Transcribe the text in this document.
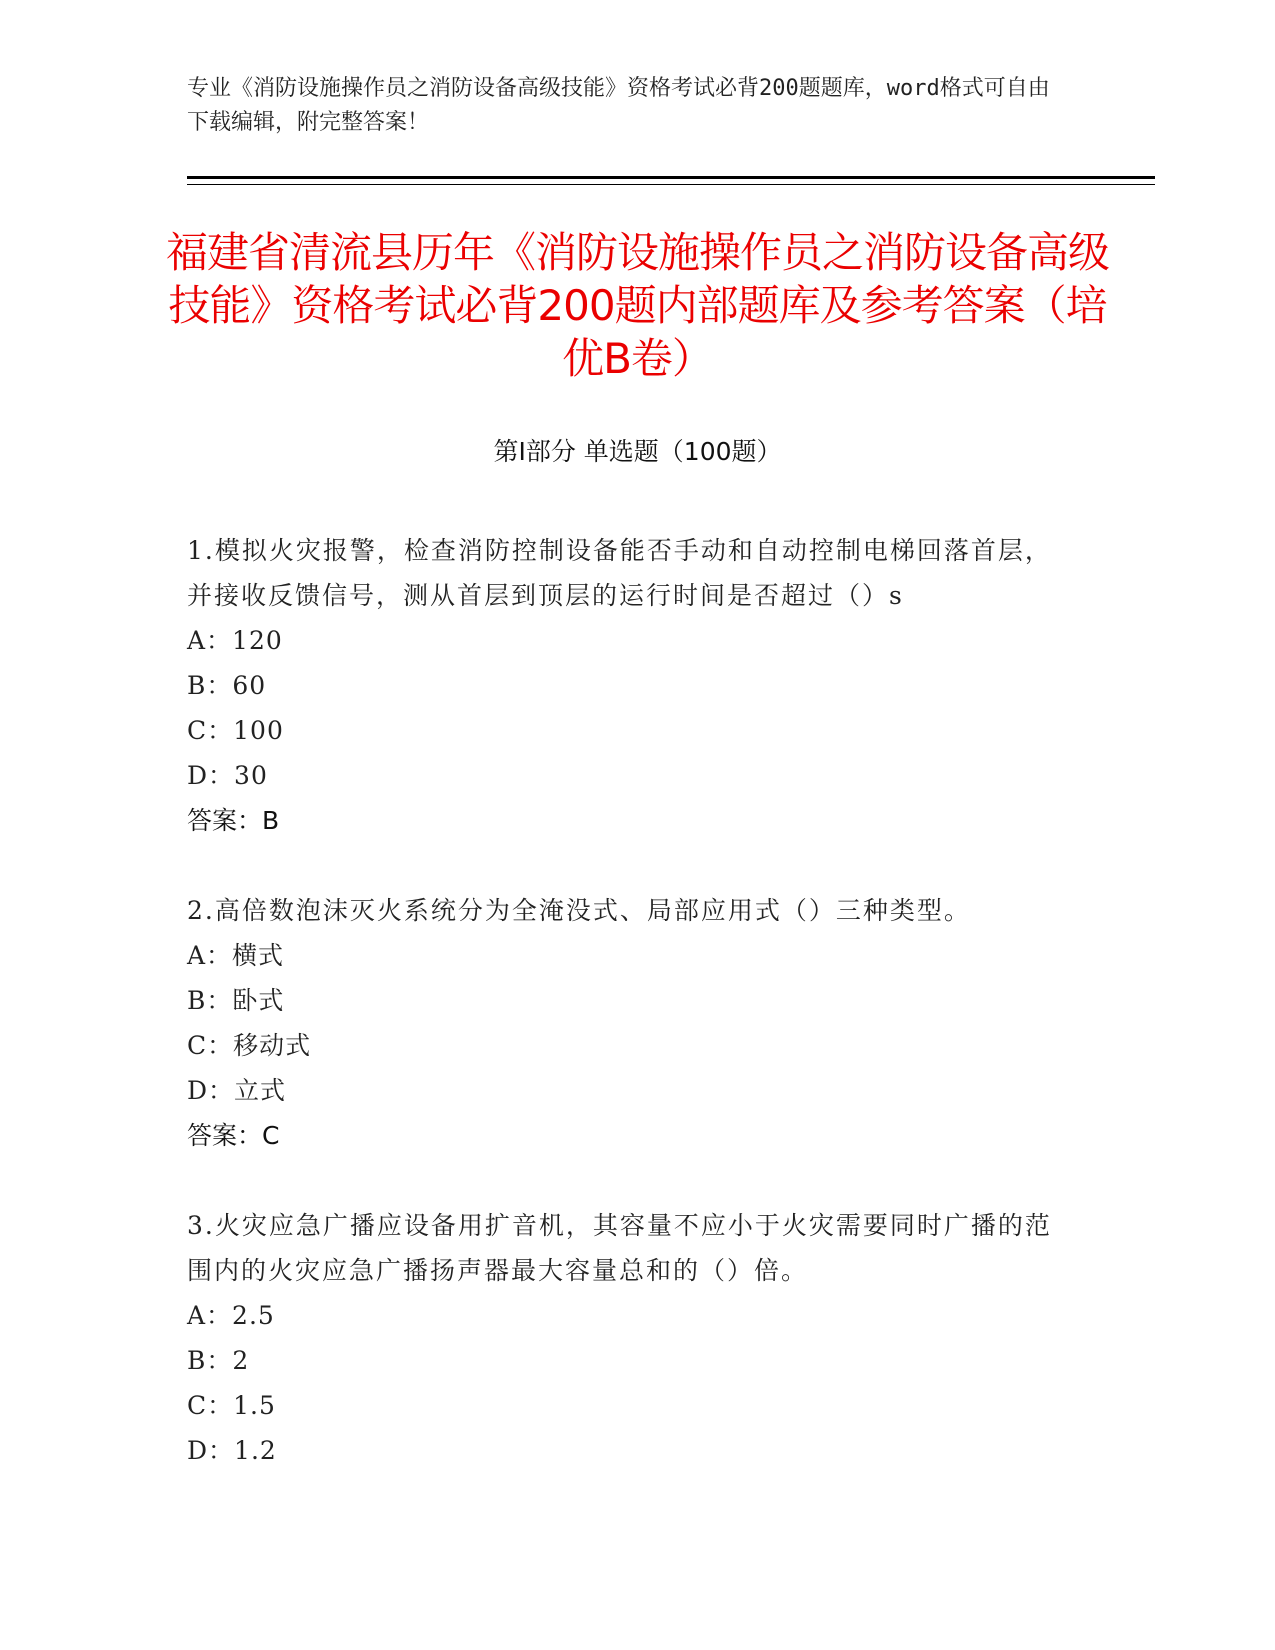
专业《消防设施操作员之消防设备高级技能》资格考试必背200题题库，word格式可自由下载编辑，附完整答案！
福建省清流县历年《消防设施操作员之消防设备高级技能》资格考试必背200题内部题库及参考答案（培优B卷）
第Ⅰ部分 单选题（100题）
1.模拟火灾报警，检查消防控制设备能否手动和自动控制电梯回落首层，并接收反馈信号，测从首层到顶层的运行时间是否超过（）s
A：120
B：60
C：100
D：30
答案：B
2.高倍数泡沫灭火系统分为全淹没式、局部应用式（）三种类型。
A：横式
B：卧式
C：移动式
D：立式
答案：C
3.火灾应急广播应设备用扩音机，其容量不应小于火灾需要同时广播的范围内的火灾应急广播扬声器最大容量总和的（）倍。
A：2.5
B：2
C：1.5
D：1.2
